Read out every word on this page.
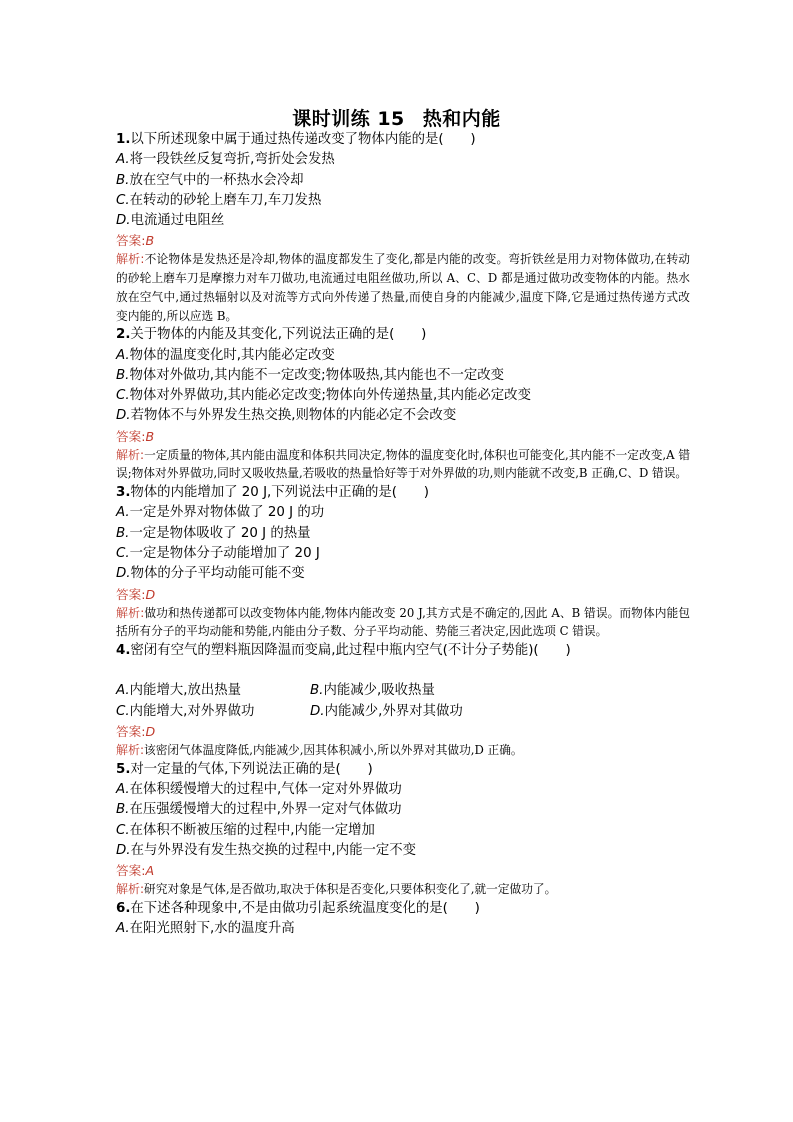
课时训练 15 热和内能
1.以下所述现象中属于通过热传递改变了物体内能的是(　　)
A.将一段铁丝反复弯折,弯折处会发热
B.放在空气中的一杯热水会冷却
C.在转动的砂轮上磨车刀,车刀发热
D.电流通过电阻丝
答案:B
解析:不论物体是发热还是冷却,物体的温度都发生了变化,都是内能的改变。弯折铁丝是用力对物体做功,在转动的砂轮上磨车刀是摩擦力对车刀做功,电流通过电阻丝做功,所以 A、C、D 都是通过做功改变物体的内能。热水放在空气中,通过热辐射以及对流等方式向外传递了热量,而使自身的内能减少,温度下降,它是通过热传递方式改变内能的,所以应选 B。
2.关于物体的内能及其变化,下列说法正确的是(　　)
A.物体的温度变化时,其内能必定改变
B.物体对外做功,其内能不一定改变;物体吸热,其内能也不一定改变
C.物体对外界做功,其内能必定改变;物体向外传递热量,其内能必定改变
D.若物体不与外界发生热交换,则物体的内能必定不会改变
答案:B
解析:一定质量的物体,其内能由温度和体积共同决定,物体的温度变化时,体积也可能变化,其内能不一定改变,A 错误;物体对外界做功,同时又吸收热量,若吸收的热量恰好等于对外界做的功,则内能就不改变,B 正确,C、D 错误。
3.物体的内能增加了 20 J,下列说法中正确的是(　　)
A.一定是外界对物体做了 20 J 的功
B.一定是物体吸收了 20 J 的热量
C.一定是物体分子动能增加了 20 J
D.物体的分子平均动能可能不变
答案:D
解析:做功和热传递都可以改变物体内能,物体内能改变 20 J,其方式是不确定的,因此 A、B 错误。而物体内能包括所有分子的平均动能和势能,内能由分子数、分子平均动能、势能三者决定,因此选项 C 错误。
4.密闭有空气的塑料瓶因降温而变扁,此过程中瓶内空气(不计分子势能)(　　)
A.内能增大,放出热量	B.内能减少,吸收热量
C.内能增大,对外界做功	D.内能减少,外界对其做功
答案:D
解析:该密闭气体温度降低,内能减少,因其体积减小,所以外界对其做功,D 正确。
5.对一定量的气体,下列说法正确的是(　　)
A.在体积缓慢增大的过程中,气体一定对外界做功
B.在压强缓慢增大的过程中,外界一定对气体做功
C.在体积不断被压缩的过程中,内能一定增加
D.在与外界没有发生热交换的过程中,内能一定不变
答案:A
解析:研究对象是气体,是否做功,取决于体积是否变化,只要体积变化了,就一定做功了。
6.在下述各种现象中,不是由做功引起系统温度变化的是(　　)
A.在阳光照射下,水的温度升高
